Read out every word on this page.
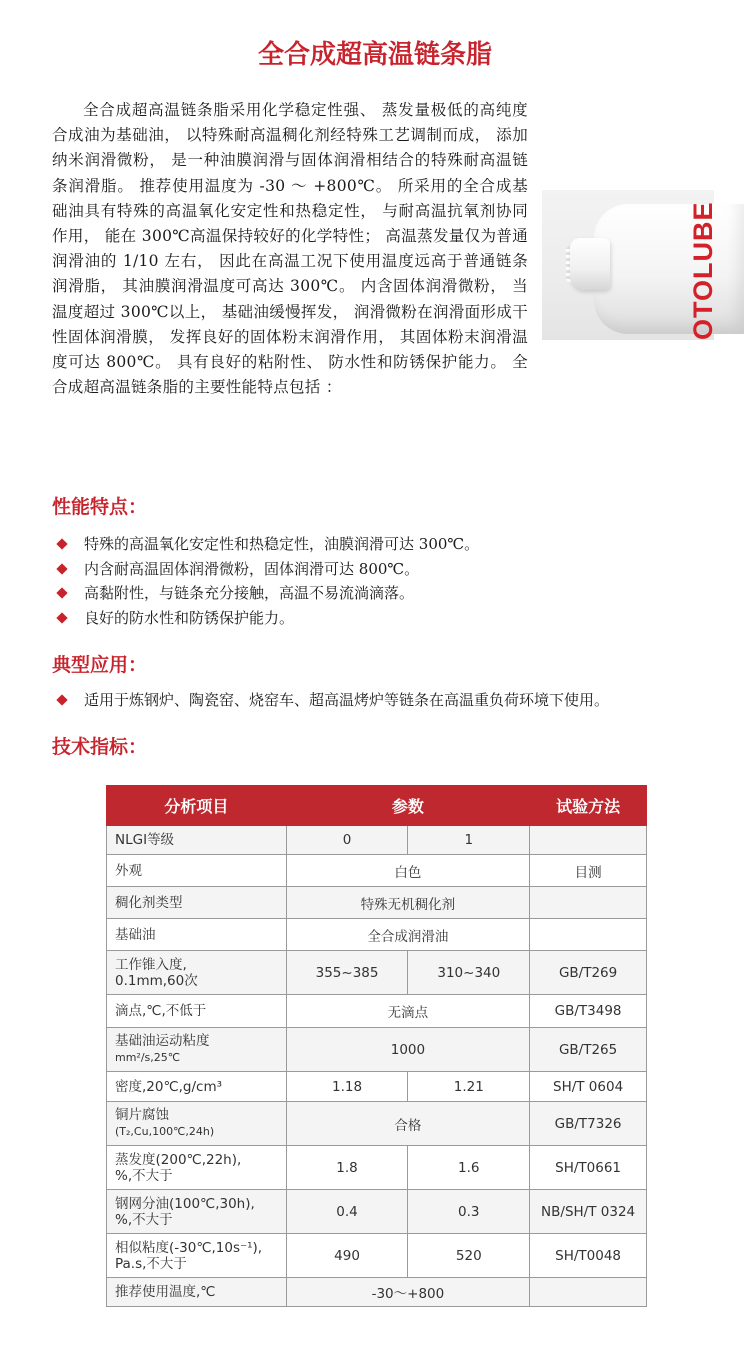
全合成超高温链条脂

全合成超高温链条脂采用化学稳定性强、 蒸发量极低的高纯度合成油为基础油， 以特殊耐高温稠化剂经特殊工艺调制而成， 添加纳米润滑微粉， 是一种油膜润滑与固体润滑相结合的特殊耐高温链条润滑脂。 推荐使用温度为 -30 ～ +800℃。 所采用的全合成基础油具有特殊的高温氧化安定性和热稳定性， 与耐高温抗氧剂协同作用， 能在 300℃高温保持较好的化学特性； 高温蒸发量仅为普通润滑油的 1/10 左右， 因此在高温工况下使用温度远高于普通链条润滑脂， 其油膜润滑温度可高达 300℃。 内含固体润滑微粉， 当温度超过 300℃以上， 基础油缓慢挥发， 润滑微粉在润滑面形成干性固体润滑膜， 发挥良好的固体粉末润滑作用， 其固体粉末润滑温度可达 800℃。 具有良好的粘附性、 防水性和防锈保护能力。 全合成超高温链条脂的主要性能特点包括 ：

OTOLUBE
性能特点：
特殊的高温氧化安定性和热稳定性，油膜润滑可达 300℃。
内含耐高温固体润滑微粉，固体润滑可达 800℃。
高黏附性，与链条充分接触，高温不易流淌滴落。
良好的防水性和防锈保护能力。
典型应用：
适用于炼钢炉、陶瓷窑、烧窑车、超高温烤炉等链条在高温重负荷环境下使用。
技术指标：
分析项目	参数		试验方法
NLGI等级	0	1	
外观	白色		目测
稠化剂类型	特殊无机稠化剂		
基础油	全合成润滑油		
工作锥入度,
0.1mm,60次	355~385	310~340	GB/T269
滴点,℃,不低于	无滴点		GB/T3498
基础油运动粘度
mm²/s,25℃	1000		GB/T265
密度,20℃,g/cm³	1.18	1.21	SH/T 0604
铜片腐蚀
(T₂,Cu,100℃,24h)	合格		GB/T7326
蒸发度(200℃,22h),
%,不大于	1.8	1.6	SH/T0661
钢网分油(100℃,30h),
%,不大于	0.4	0.3	NB/SH/T 0324
相似粘度(-30℃,10s⁻¹),
Pa.s,不大于	490	520	SH/T0048
推荐使用温度,℃	-30～+800		
